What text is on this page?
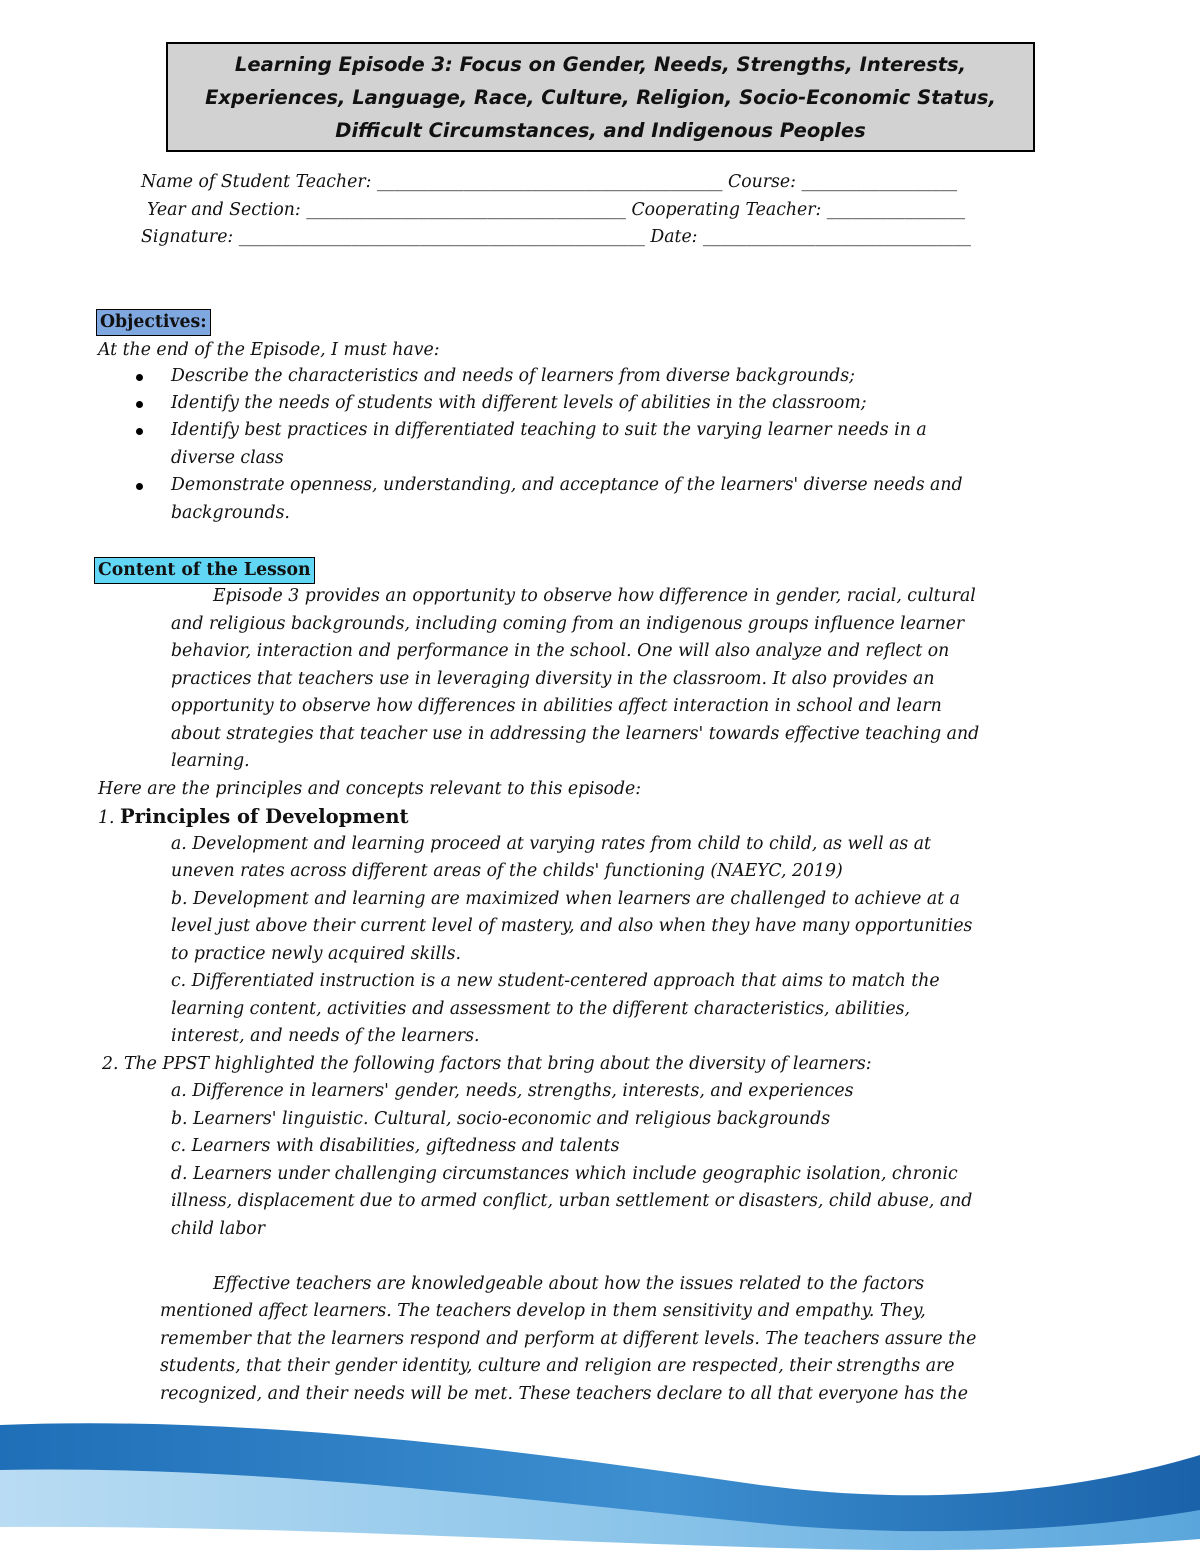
Learning Episode 3: Focus on Gender, Needs, Strengths, Interests,
Experiences, Language, Race, Culture, Religion, Socio-Economic Status,
Difficult Circumstances, and Indigenous Peoples
Name of Student Teacher: ________________________________________ Course: __________________
Year and Section: _____________________________________ Cooperating Teacher: ________________
Signature: _______________________________________________ Date: _______________________________
Objectives:
At the end of the Episode, I must have:
Describe the characteristics and needs of learners from diverse backgrounds;
Identify the needs of students with different levels of abilities in the classroom;
Identify best practices in differentiated teaching to suit the varying learner needs in a
diverse class
Demonstrate openness, understanding, and acceptance of the learners' diverse needs and
backgrounds.
Content of the Lesson
Episode 3 provides an opportunity to observe how difference in gender, racial, cultural
and religious backgrounds, including coming from an indigenous groups influence learner
behavior, interaction and performance in the school. One will also analyze and reflect on
practices that teachers use in leveraging diversity in the classroom. It also provides an
opportunity to observe how differences in abilities affect interaction in school and learn
about strategies that teacher use in addressing the learners' towards effective teaching and
learning.
Here are the principles and concepts relevant to this episode:
1. Principles of Development
a. Development and learning proceed at varying rates from child to child, as well as at
uneven rates across different areas of the childs' functioning (NAEYC, 2019)
b. Development and learning are maximized when learners are challenged to achieve at a
level just above their current level of mastery, and also when they have many opportunities
to practice newly acquired skills.
c. Differentiated instruction is a new student-centered approach that aims to match the
learning content, activities and assessment to the different characteristics, abilities,
interest, and needs of the learners.
2. The PPST highlighted the following factors that bring about the diversity of learners:
a. Difference in learners' gender, needs, strengths, interests, and experiences
b. Learners' linguistic. Cultural, socio-economic and religious backgrounds
c. Learners with disabilities, giftedness and talents
d. Learners under challenging circumstances which include geographic isolation, chronic
illness, displacement due to armed conflict, urban settlement or disasters, child abuse, and
child labor
Effective teachers are knowledgeable about how the issues related to the factors
mentioned affect learners. The teachers develop in them sensitivity and empathy. They,
remember that the learners respond and perform at different levels. The teachers assure the
students, that their gender identity, culture and religion are respected, their strengths are
recognized, and their needs will be met. These teachers declare to all that everyone has the
